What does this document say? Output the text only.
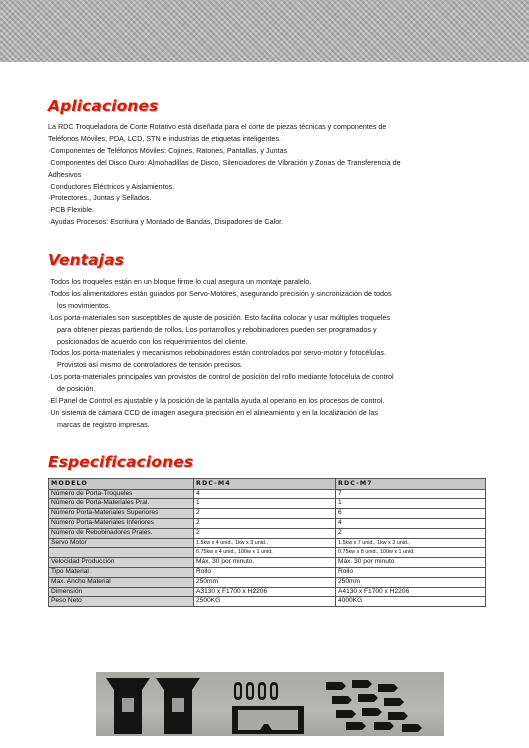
Aplicaciones

La RDC Troqueladora de Corte Rotativo está diseñada para el corte de piezas técnicas y componentes de

Teléfonos Móviles, PDA, LCD, STN e industrias de etiquetas inteligentes.

·Componentes de Teléfonos Móviles: Cojines, Ratones, Pantallas, y Juntas

·Componentes del Disco Duro: Almohadillas de Disco, Silenciadores de Vibración y Zonas de Transferencia de

Adhesivos

·Conductores Eléctricos y Aislamientos.

·Protectores., Juntas y Sellados.

·PCB Flexible.

·Ayudas Procesos: Escritura y Montado de Bandas, Disipadores de Calor.

Ventajas

·Todos los troqueles están en un bloque firme lo cual asegura un montaje paralelo.

·Todos los alimentadores están guiados por Servo-Motores, asegurando precisión y sincronización de todos

los movimientos.

·Los porta-materiales son susceptibles de ajuste de posición. Esto facilita colocar y usar múltiples troqueles

para obtener piezas partiendo de rollos. Los portarrollos y rebobinadores pueden ser programados y

posicionados de acuerdo con los requerimientos del cliente.

·Todos los porta-materiales y mecanismos rebobinadores están controlados por servo-motor y fotocélulas.

Provistos así mismo de controladores de tensión precisos.

·Los porta-materiales principales van provistos de control de posición del rollo mediante fotocélula de control

de posición.

·El Panel de Control es ajustable y la posición de la pantalla ayuda al operario en los procesos de control.

·Un sistema de cámara CCD de imagen asegura precisión en el alineamiento y en la localización de las

marcas de registro impresas.

Especificaciones
MODELO	RDC-M4	RDC-M7
Número de Porta-Troqueles	4	7
Número de Porta-Materiales Pral.	1	1
Número Porta-Materiales Superiores	2	6
Número Porta-Materiales Inferiores	2	4
Número de Rebobinadores Prales.	2	2
Servo Motor	1.5kw x 4 unid., 1kw x 3 unid.,	1.5kw x 7 unid., 1kw x 3 unid.,
	0.75kw x 4 unid., 100w x 1 unid.	0.75kw x 8 unid., 100w x 1 unid.
Velocidad Producción	Máx. 30 por minuto.	Máx. 30 por minuto
Tipo Material	Rollo	Rollo
Max. Ancho Material	250mm	250mm
Dimensión	A3130 x F1700 x H2206	A4130 x F1700 x H2206
Peso Neto	2500KG	4000KG
